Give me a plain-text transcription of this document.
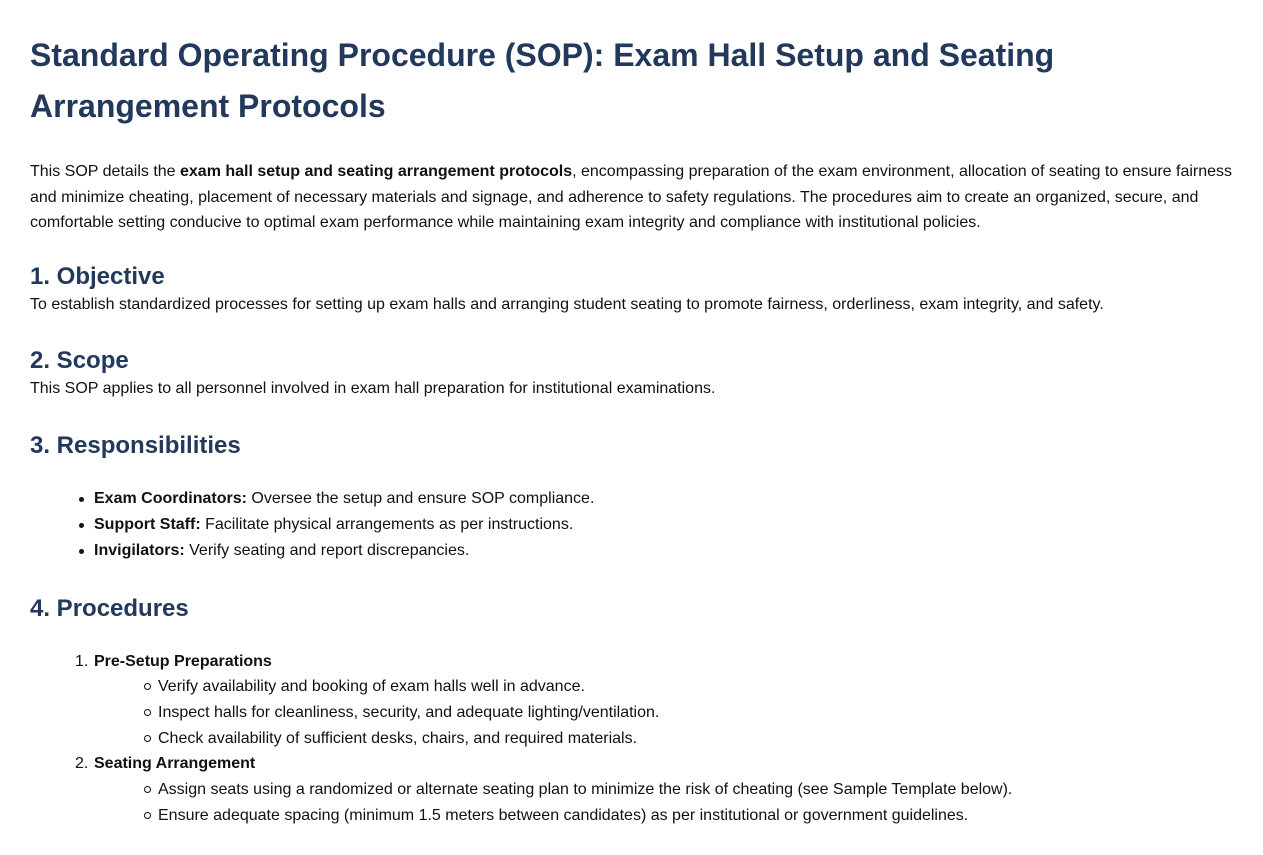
Standard Operating Procedure (SOP): Exam Hall Setup and Seating Arrangement Protocols

This SOP details the exam hall setup and seating arrangement protocols, encompassing preparation of the exam environment, allocation of seating to ensure fairness and minimize cheating, placement of necessary materials and signage, and adherence to safety regulations. The procedures aim to create an organized, secure, and comfortable setting conducive to optimal exam performance while maintaining exam integrity and compliance with institutional policies.

1. Objective

To establish standardized processes for setting up exam halls and arranging student seating to promote fairness, orderliness, exam integrity, and safety.

2. Scope

This SOP applies to all personnel involved in exam hall preparation for institutional examinations.

3. Responsibilities
Exam Coordinators: Oversee the setup and ensure SOP compliance.
Support Staff: Facilitate physical arrangements as per instructions.
Invigilators: Verify seating and report discrepancies.
4. Procedures
1. Pre-Setup Preparations
Verify availability and booking of exam halls well in advance.
Inspect halls for cleanliness, security, and adequate lighting/ventilation.
Check availability of sufficient desks, chairs, and required materials.
2. Seating Arrangement
Assign seats using a randomized or alternate seating plan to minimize the risk of cheating (see Sample Template below).
Ensure adequate spacing (minimum 1.5 meters between candidates) as per institutional or government guidelines.
